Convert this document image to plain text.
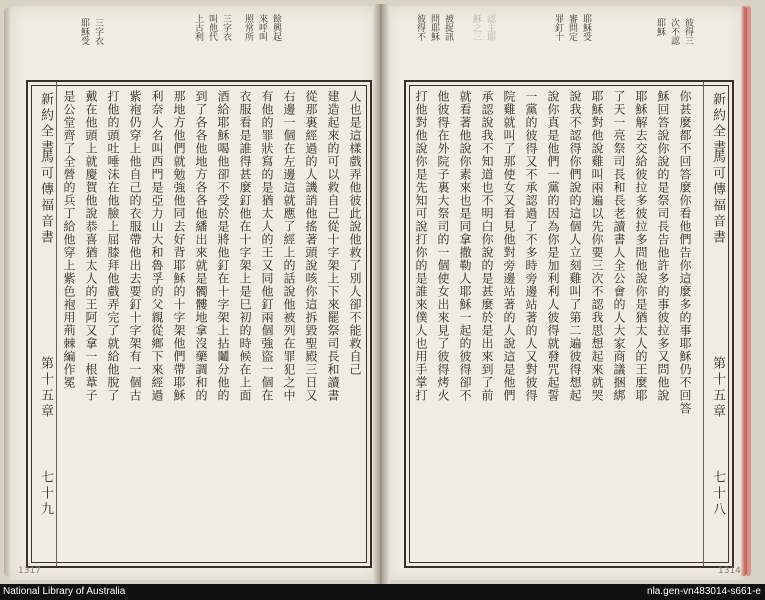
新約全書
馬可傳福音書
第十五章
七十九
是公堂齊了全營的兵丁給他穿上紫色袍用荊棘編作冕 戴在他頭上就慶賀他說恭喜猶太人的王阿又拿一根葦子 打他的頭吐唾沫在他臉上屈膝拜他戲弄完了就給他脫了 紫袍仍穿上他自己的衣服帶他出去要釘十字架有一個古 利奈人名叫西門是亞力山大和魯孚的父親從鄉下來經過 那地方他們就勉強他同去好背耶穌的十字架他們帶耶穌 到了各各他地方各各他繙出來就是髑髏地拿沒藥調和的 酒給耶穌喝他卻不受於是將他釘在十字架上拈鬮分他的 衣服看是誰得甚麼釘他在十字架上是巳初的時候在上面 有他的罪狀寫的是猶太人的王又同他釘兩個強盜一個在 右邊一個在左邊這就應了經上的話說他被列在罪犯之中 從那裏經過的人譏誚他搖著頭說咳你這拆毀聖殿三日又 建造起來的可以救自己從十字架上下來罷祭司長和讀書 人也是這樣戲弄他彼此說他救了別人卻不能救自己
餘興起
來呼叫
照常所
三字衣
叫他代
上古利
三字衣
耶穌受
新約全書
馬可傳福音書
第十五章
七十八
打他對他說你是先知可說打你的是誰來僕人也用手掌打 他彼得在外院子裏大祭司的一個使女出來見了彼得烤火 就看著他說你素來也是同拿撒勒人耶穌一起的彼得卻不 承認說我不知道也不明白你說的是甚麼於是出來到了前 院雞就叫了那使女又看見他對旁邊站著的人說這是他們 一黨的彼得又不承認過了不多時旁邊站著的人又對彼得 說你真是他們一黨的因為你是加利利人彼得就發咒起誓 說我不認得你們說的這個人立刻雞叫了第二遍彼得想起 耶穌對他說雞叫兩遍以先你要三次不認我思想起來就哭 了天一亮祭司長和長老讀書人全公會的人大家商議捆綁 耶穌解去交給彼拉多彼拉多問他說你是猶太人的王麼耶 穌回答說你說的是祭司長告他許多的事彼拉多又問他說 你甚麼都不回答麼你看他們告你這麼多的事耶穌仍不回答
被捉訊
問耶穌
彼得不	認主耶
穌之三	耶穌受
審問定
罪釘十	彼得三
次不認
耶穌
1317	1314
National Library of Australia	nla.gen-vn483014-s661-e
